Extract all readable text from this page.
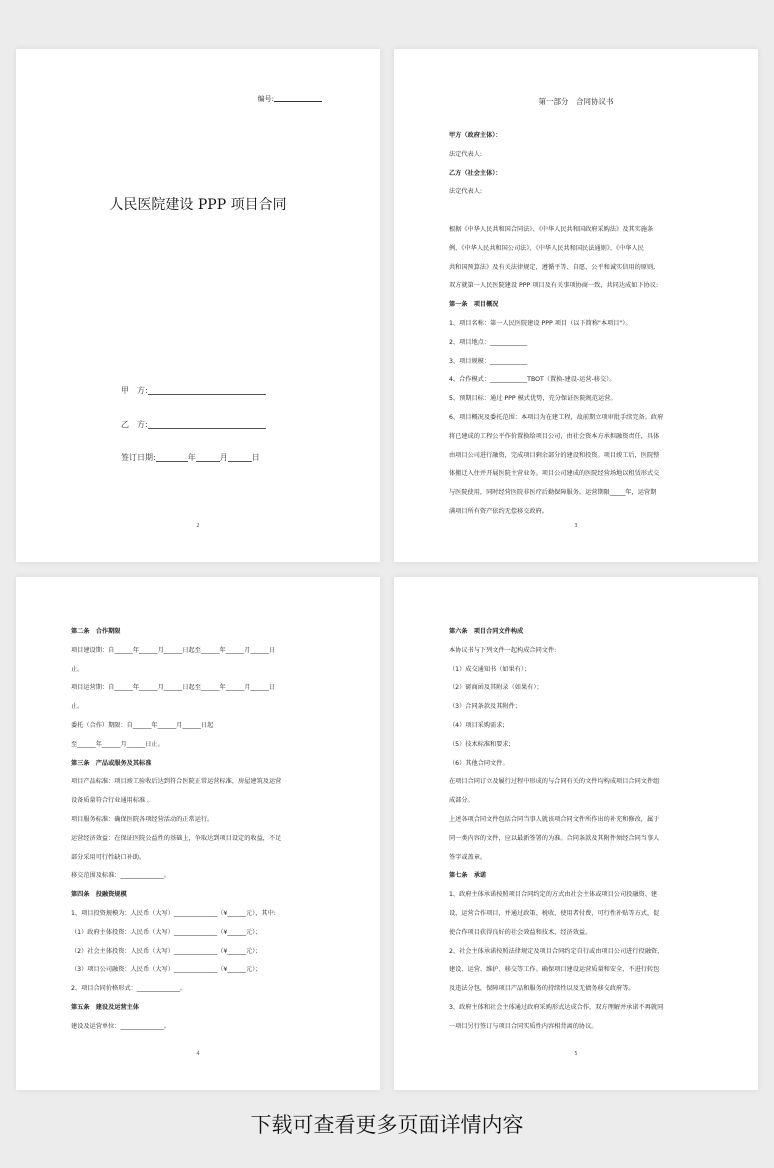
编号:
人民医院建设 PPP 项目合同
甲　方:
乙　方:
签订日期:	年	月	日
2
第一部分　合同协议书
甲方（政府主体）：
法定代表人:
乙方（社会主体）：
法定代表人:

根据《中华人民共和国合同法》、《中华人民共和国政府采购法》及其实施条
例、《中华人民共和国公司法》、《中华人民共和国民法通则》、《中华人民
共和国预算法》及有关法律规定，遵循平等、自愿、公平和诚实信用的原则,
双方就第一人民医院建设 PPP 项目及有关事项协商一致，共同达成如下协议:
第一条　项目概况
1、项目名称：第一人民医院建设 PPP 项目（以下简称"本项目"）。
2、项目地点：____________
3、项目规模：____________
4、合作模式：____________TBOT（置换-建设-运营-移交）。
5、预期目标：通过 PPP 模式优势，充分保证医院规范运营。
6、项目概况及委托范围：本项目为在建工程，故前期立项审批手续完备。政府
将已建成的工程公平作价置换给项目公司，由社会资本方承担融资责任，具体
由项目公司进行融资，完成项目剩余部分的建设和投资。项目竣工后，医院整
体搬迁入住并开展医院主营业务。项目公司建成的医院经营场地以租赁形式交
与医院使用，同时经营医院非医疗后勤保障服务。运营期限_____年，运营期
满项目所有资产依约无偿移交政府。
3
第二条　合作期限
项目建设期：自______年______月______日起至______年______月______日
止。
项目运营期：自______年______月______日起至______年______月______日
止。
委托（合作）期限：自______年______月______日起
至______年______月______日止。
第三条　产品或服务及其标准
项目产品标准：项目竣工验收后达到符合医院正常运营标准，房屋建筑及运营
设备质量符合行业通用标准 。
项目服务标准：确保医院各项经营活动的正常运行。
运营经济效益：在保证医院公益性的基础上，争取达到项目设定的收益，不足
部分采用可行性缺口补助。
移交范围及标准：______________。
第四条　投融资规模
1、项目投资规模为：人民币（大写）______________（¥______元），其中:
（1）政府主体投资：人民币（大写）______________（¥______元）；
（2）社会主体投资：人民币（大写）______________（¥______元）；
（3）项目公司融资：人民币（大写）______________（¥______元）；
2、项目合同价格形式：______________。
第五条　建设及运营主体
建设及运营单位：______________。
4
第六条　项目合同文件构成
本协议书与下列文件一起构成合同文件:
（1）成交通知书（如果有）；
（2）磋商函及其附录（如果有）；
（3）合同条款及其附件；
（4）项目采购需求;
（5）技术标准和要求;
（6）其他合同文件。
在项目合同订立及履行过程中形成的与合同有关的文件均构成项目合同文件组
成部分。
上述各项合同文件包括合同当事人就该项合同文件所作出的补充和修改，属于
同一类内容的文件，应以最新签署的为准。合同条款及其附件须经合同当事人
签字或盖章。
第七条　承诺
1、政府主体承诺按照项目合同约定的方式由社会主体或项目公司投融资、建
设、运营合作项目，并通过政策、税收、使用者付费，可行性补贴等方式，促
使合作项目获得良好的社会效益和技术、经济效益。
2、社会主体承诺按照法律规定及项目合同约定自行或由项目公司进行投融资、
建设、运营、维护、移交等工作。确保项目建设运营质量和安全，不进行转包
及违法分包，保障项目产品和服务的持续性以及无债务移交政府等。
3、政府主体和社会主体通过政府采购形式达成合作，双方理解并承诺不再就同
一项目另行签订与项目合同实质性内容相背离的协议。
5
下载可查看更多页面详情内容
